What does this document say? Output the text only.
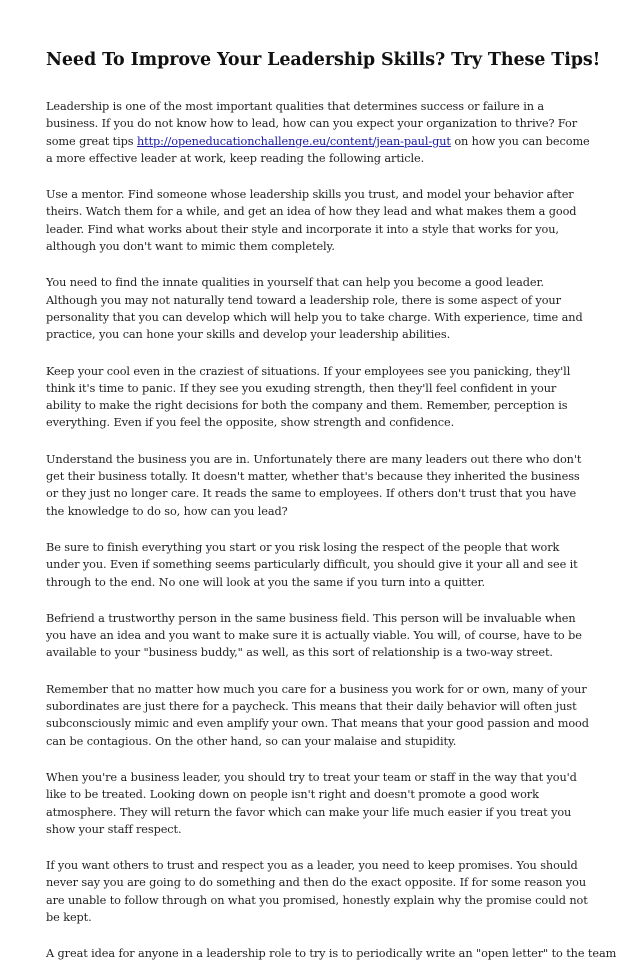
Need To Improve Your Leadership Skills? Try These Tips!

Leadership is one of the most important qualities that determines success or failure in a business. If you do not know how to lead, how can you expect your organization to thrive? For some great tips http://openeducationchallenge.eu/content/jean-paul-gut on how you can become a more effective leader at work, keep reading the following article.

Use a mentor. Find someone whose leadership skills you trust, and model your behavior after theirs. Watch them for a while, and get an idea of how they lead and what makes them a good leader. Find what works about their style and incorporate it into a style that works for you, although you don't want to mimic them completely.

You need to find the innate qualities in yourself that can help you become a good leader. Although you may not naturally tend toward a leadership role, there is some aspect of your personality that you can develop which will help you to take charge. With experience, time and practice, you can hone your skills and develop your leadership abilities.

Keep your cool even in the craziest of situations. If your employees see you panicking, they'll think it's time to panic. If they see you exuding strength, then they'll feel confident in your ability to make the right decisions for both the company and them. Remember, perception is everything. Even if you feel the opposite, show strength and confidence.

Understand the business you are in. Unfortunately there are many leaders out there who don't get their business totally. It doesn't matter, whether that's because they inherited the business or they just no longer care. It reads the same to employees. If others don't trust that you have the knowledge to do so, how can you lead?

Be sure to finish everything you start or you risk losing the respect of the people that work under you. Even if something seems particularly difficult, you should give it your all and see it through to the end. No one will look at you the same if you turn into a quitter.

Befriend a trustworthy person in the same business field. This person will be invaluable when you have an idea and you want to make sure it is actually viable. You will, of course, have to be available to your "business buddy," as well, as this sort of relationship is a two-way street.

Remember that no matter how much you care for a business you work for or own, many of your subordinates are just there for a paycheck. This means that their daily behavior will often just subconsciously mimic and even amplify your own. That means that your good passion and mood can be contagious. On the other hand, so can your malaise and stupidity.

When you're a business leader, you should try to treat your team or staff in the way that you'd like to be treated. Looking down on people isn't right and doesn't promote a good work atmosphere. They will return the favor which can make your life much easier if you treat you show your staff respect.

If you want others to trust and respect you as a leader, you need to keep promises. You should never say you are going to do something and then do the exact opposite. If for some reason you are unable to follow through on what you promised, honestly explain why the promise could not be kept.

A great idea for anyone in a leadership role to try is to periodically write an "open letter" to the team
